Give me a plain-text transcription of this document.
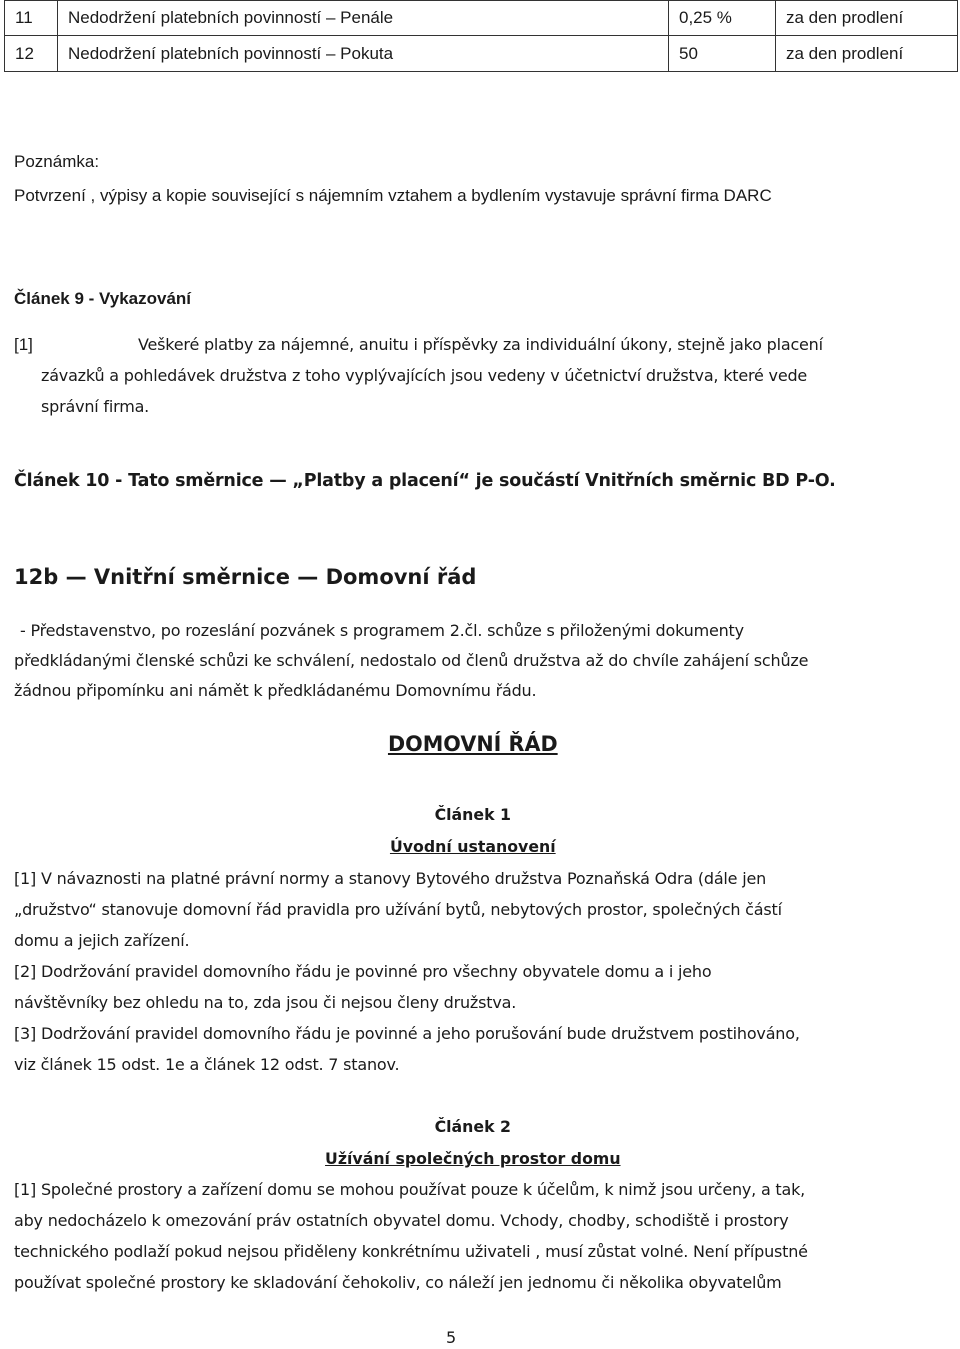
11	Nedodržení platebních povinností – Penále	0,25 %	za den prodlení
12	Nedodržení platebních povinností – Pokuta	50	za den prodlení
Poznámka:
Potvrzení , výpisy a kopie související s nájemním vztahem a bydlením vystavuje správní firma DARC
Článek 9 - Vykazování
[1]	Veškeré platby za nájemné, anuitu i příspěvky za individuální úkony, stejně jako placení
závazků a pohledávek družstva z toho vyplývajících jsou vedeny v účetnictví družstva, které vede
správní firma.
Článek 10 - Tato směrnice — „Platby a placení“ je součástí Vnitřních směrnic BD P-O.
12b — Vnitřní směrnice — Domovní řád
- Představenstvo, po rozeslání pozvánek s programem 2.čl. schůze s přiloženými dokumenty
předkládanými členské schůzi ke schválení, nedostalo od členů družstva až do chvíle zahájení schůze
žádnou připomínku ani námět k předkládanému Domovnímu řádu.
DOMOVNÍ ŘÁD
Článek 1
Úvodní ustanovení
[1] V návaznosti na platné právní normy a stanovy Bytového družstva Poznaňská Odra (dále jen
„družstvo“ stanovuje domovní řád pravidla pro užívání bytů, nebytových prostor, společných částí
domu a jejich zařízení.
[2] Dodržování pravidel domovního řádu je povinné pro všechny obyvatele domu a i jeho
návštěvníky bez ohledu na to, zda jsou či nejsou členy družstva.
[3] Dodržování pravidel domovního řádu je povinné a jeho porušování bude družstvem postihováno,
viz článek 15 odst. 1e a článek 12 odst. 7 stanov.
Článek 2
Užívání společných prostor domu
[1] Společné prostory a zařízení domu se mohou používat pouze k účelům, k nimž jsou určeny, a tak,
aby nedocházelo k omezování práv ostatních obyvatel domu. Vchody, chodby, schodiště i prostory
technického podlaží pokud nejsou přiděleny konkrétnímu uživateli , musí zůstat volné. Není přípustné
používat společné prostory ke skladování čehokoliv, co náleží jen jednomu či několika obyvatelům
5
